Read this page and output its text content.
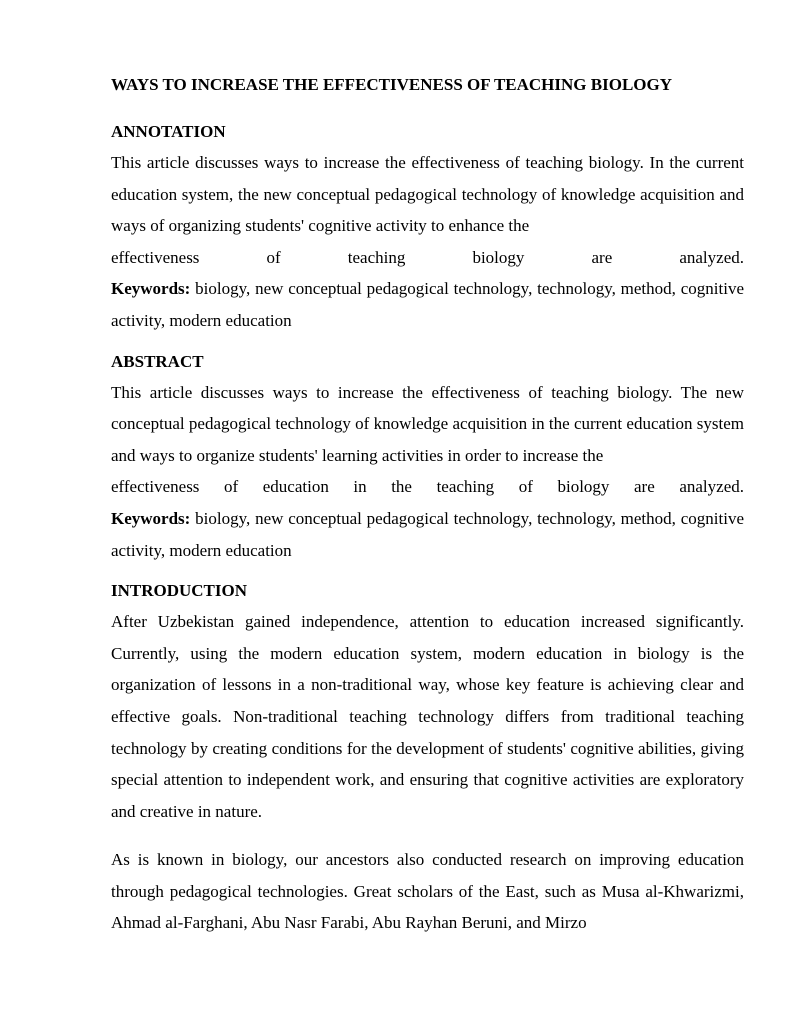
WAYS TO INCREASE THE EFFECTIVENESS OF TEACHING BIOLOGY
ANNOTATION

This article discusses ways to increase the effectiveness of teaching biology. In the current education system, the new conceptual pedagogical technology of knowledge acquisition and ways of organizing students' cognitive activity to enhance the
effectiveness of teaching biology are analyzed.
Keywords: biology, new conceptual pedagogical technology, technology, method, cognitive activity, modern education

ABSTRACT

This article discusses ways to increase the effectiveness of teaching biology. The new conceptual pedagogical technology of knowledge acquisition in the current education system and ways to organize students' learning activities in order to increase the
effectiveness of education in the teaching of biology are analyzed.
Keywords: biology, new conceptual pedagogical technology, technology, method, cognitive activity, modern education

INTRODUCTION

After Uzbekistan gained independence, attention to education increased significantly. Currently, using the modern education system, modern education in biology is the organization of lessons in a non-traditional way, whose key feature is achieving clear and effective goals. Non-traditional teaching technology differs from traditional teaching technology by creating conditions for the development of students' cognitive abilities, giving special attention to independent work, and ensuring that cognitive activities are exploratory and creative in nature.

As is known in biology, our ancestors also conducted research on improving education through pedagogical technologies. Great scholars of the East, such as Musa al-Khwarizmi, Ahmad al-Farghani, Abu Nasr Farabi, Abu Rayhan Beruni, and Mirzo
